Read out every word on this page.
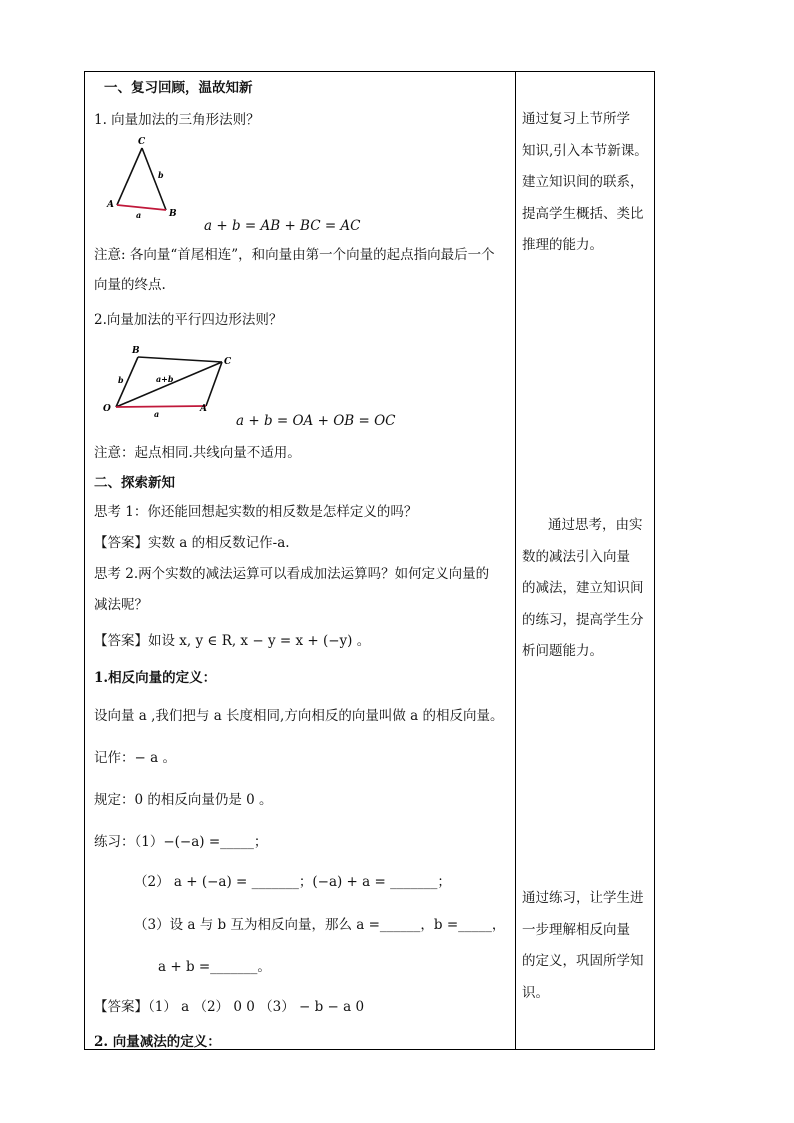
一、复习回顾，温故知新
1. 向量加法的三角形法则？
C
A
B
b
a
a + b = AB + BC = AC
注意: 各向量“首尾相连”，和向量由第一个向量的起点指向最后一个
向量的终点.
2.向量加法的平行四边形法则？
B
C
O	A
b	a+b
a	a + b = OA + OB = OC
注意：起点相同.共线向量不适用。
二、探索新知
思考 1：你还能回想起实数的相反数是怎样定义的吗？
【答案】实数 a 的相反数记作-a.
思考 2.两个实数的减法运算可以看成加法运算吗？如何定义向量的
减法呢？
【答案】如设 x, y ∈ R, x − y = x + (−y) 。
1.相反向量的定义：
设向量 a ,我们把与 a 长度相同,方向相反的向量叫做 a 的相反向量。
记作：− a 。
规定：0 的相反向量仍是 0 。
练习：（1）−(−a) =_____；
（2） a + (−a) = _______；(−a) + a = _______；
（3）设 a 与 b 互为相反向量，那么 a =______，b =_____，
a + b =_______。
【答案】（1） a （2） 0 0 （3） − b − a 0
2. 向量减法的定义：

通过复习上节所学

知识,引入本节新课。

建立知识间的联系，

提高学生概括、类比

推理的能力。

通过思考，由实

数的减法引入向量

的减法，建立知识间

的练习，提高学生分

析问题能力。

通过练习，让学生进

一步理解相反向量

的定义，巩固所学知

识。
